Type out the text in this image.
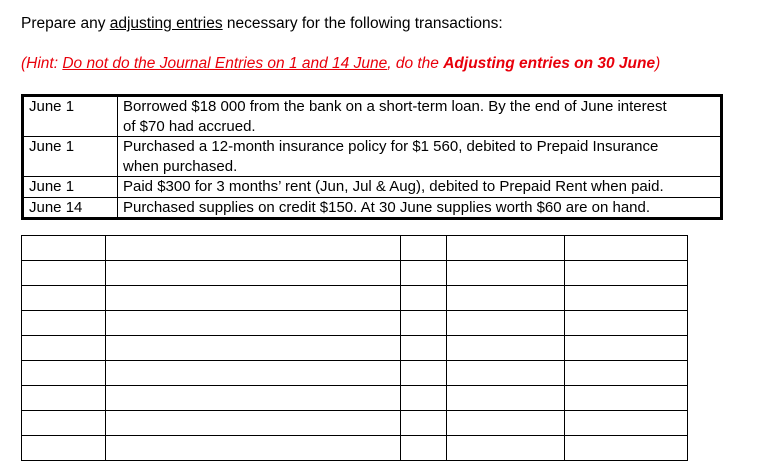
Prepare any adjusting entries necessary for the following transactions:
(Hint: Do not do the Journal Entries on 1 and 14 June, do the Adjusting entries on 30 June)
June 1	Borrowed $18 000 from the bank on a short-term loan. By the end of June interest
of $70 had accrued.
June 1	Purchased a 12-month insurance policy for $1 560, debited to Prepaid Insurance
when purchased.
June 1	Paid $300 for 3 months’ rent (Jun, Jul & Aug), debited to Prepaid Rent when paid.
June 14	Purchased supplies on credit $150. At 30 June supplies worth $60 are on hand.
